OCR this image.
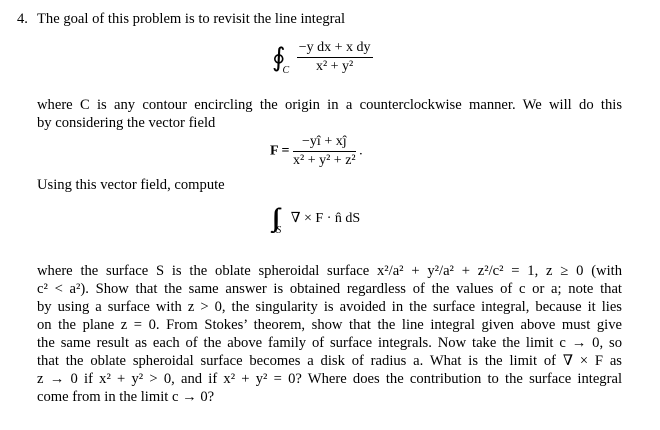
4. The goal of this problem is to revisit the line integral
$∮_C \frac{\text{−y dx + x dy}}{\text{x² + y²}}$
where C is any contour encircling the origin in a counterclockwise manner. We will do this
by considering the vector field
$F = \frac{-yî + xĵ}{\text{x² + y² + z²}}$ .
Using this vector field, compute
∫∫ $_S$ ∇ × F · n̂ dS
where the surface S is the oblate spheroidal surface x²/a² + y²/a² + z²/c² = 1, z ≥ 0 (with
c² < a²). Show that the same answer is obtained regardless of the values of c or a; note that
by using a surface with z > 0, the singularity is avoided in the surface integral, because it lies
on the plane z = 0. From Stokes’ theorem, show that the line integral given above must give
the same result as each of the above family of surface integrals. Now take the limit c → 0, so
that the oblate spheroidal surface becomes a disk of radius a. What is the limit of ∇ × F as
z → 0 if x² + y² > 0, and if x² + y² = 0? Where does the contribution to the surface integral
come from in the limit c → 0?
